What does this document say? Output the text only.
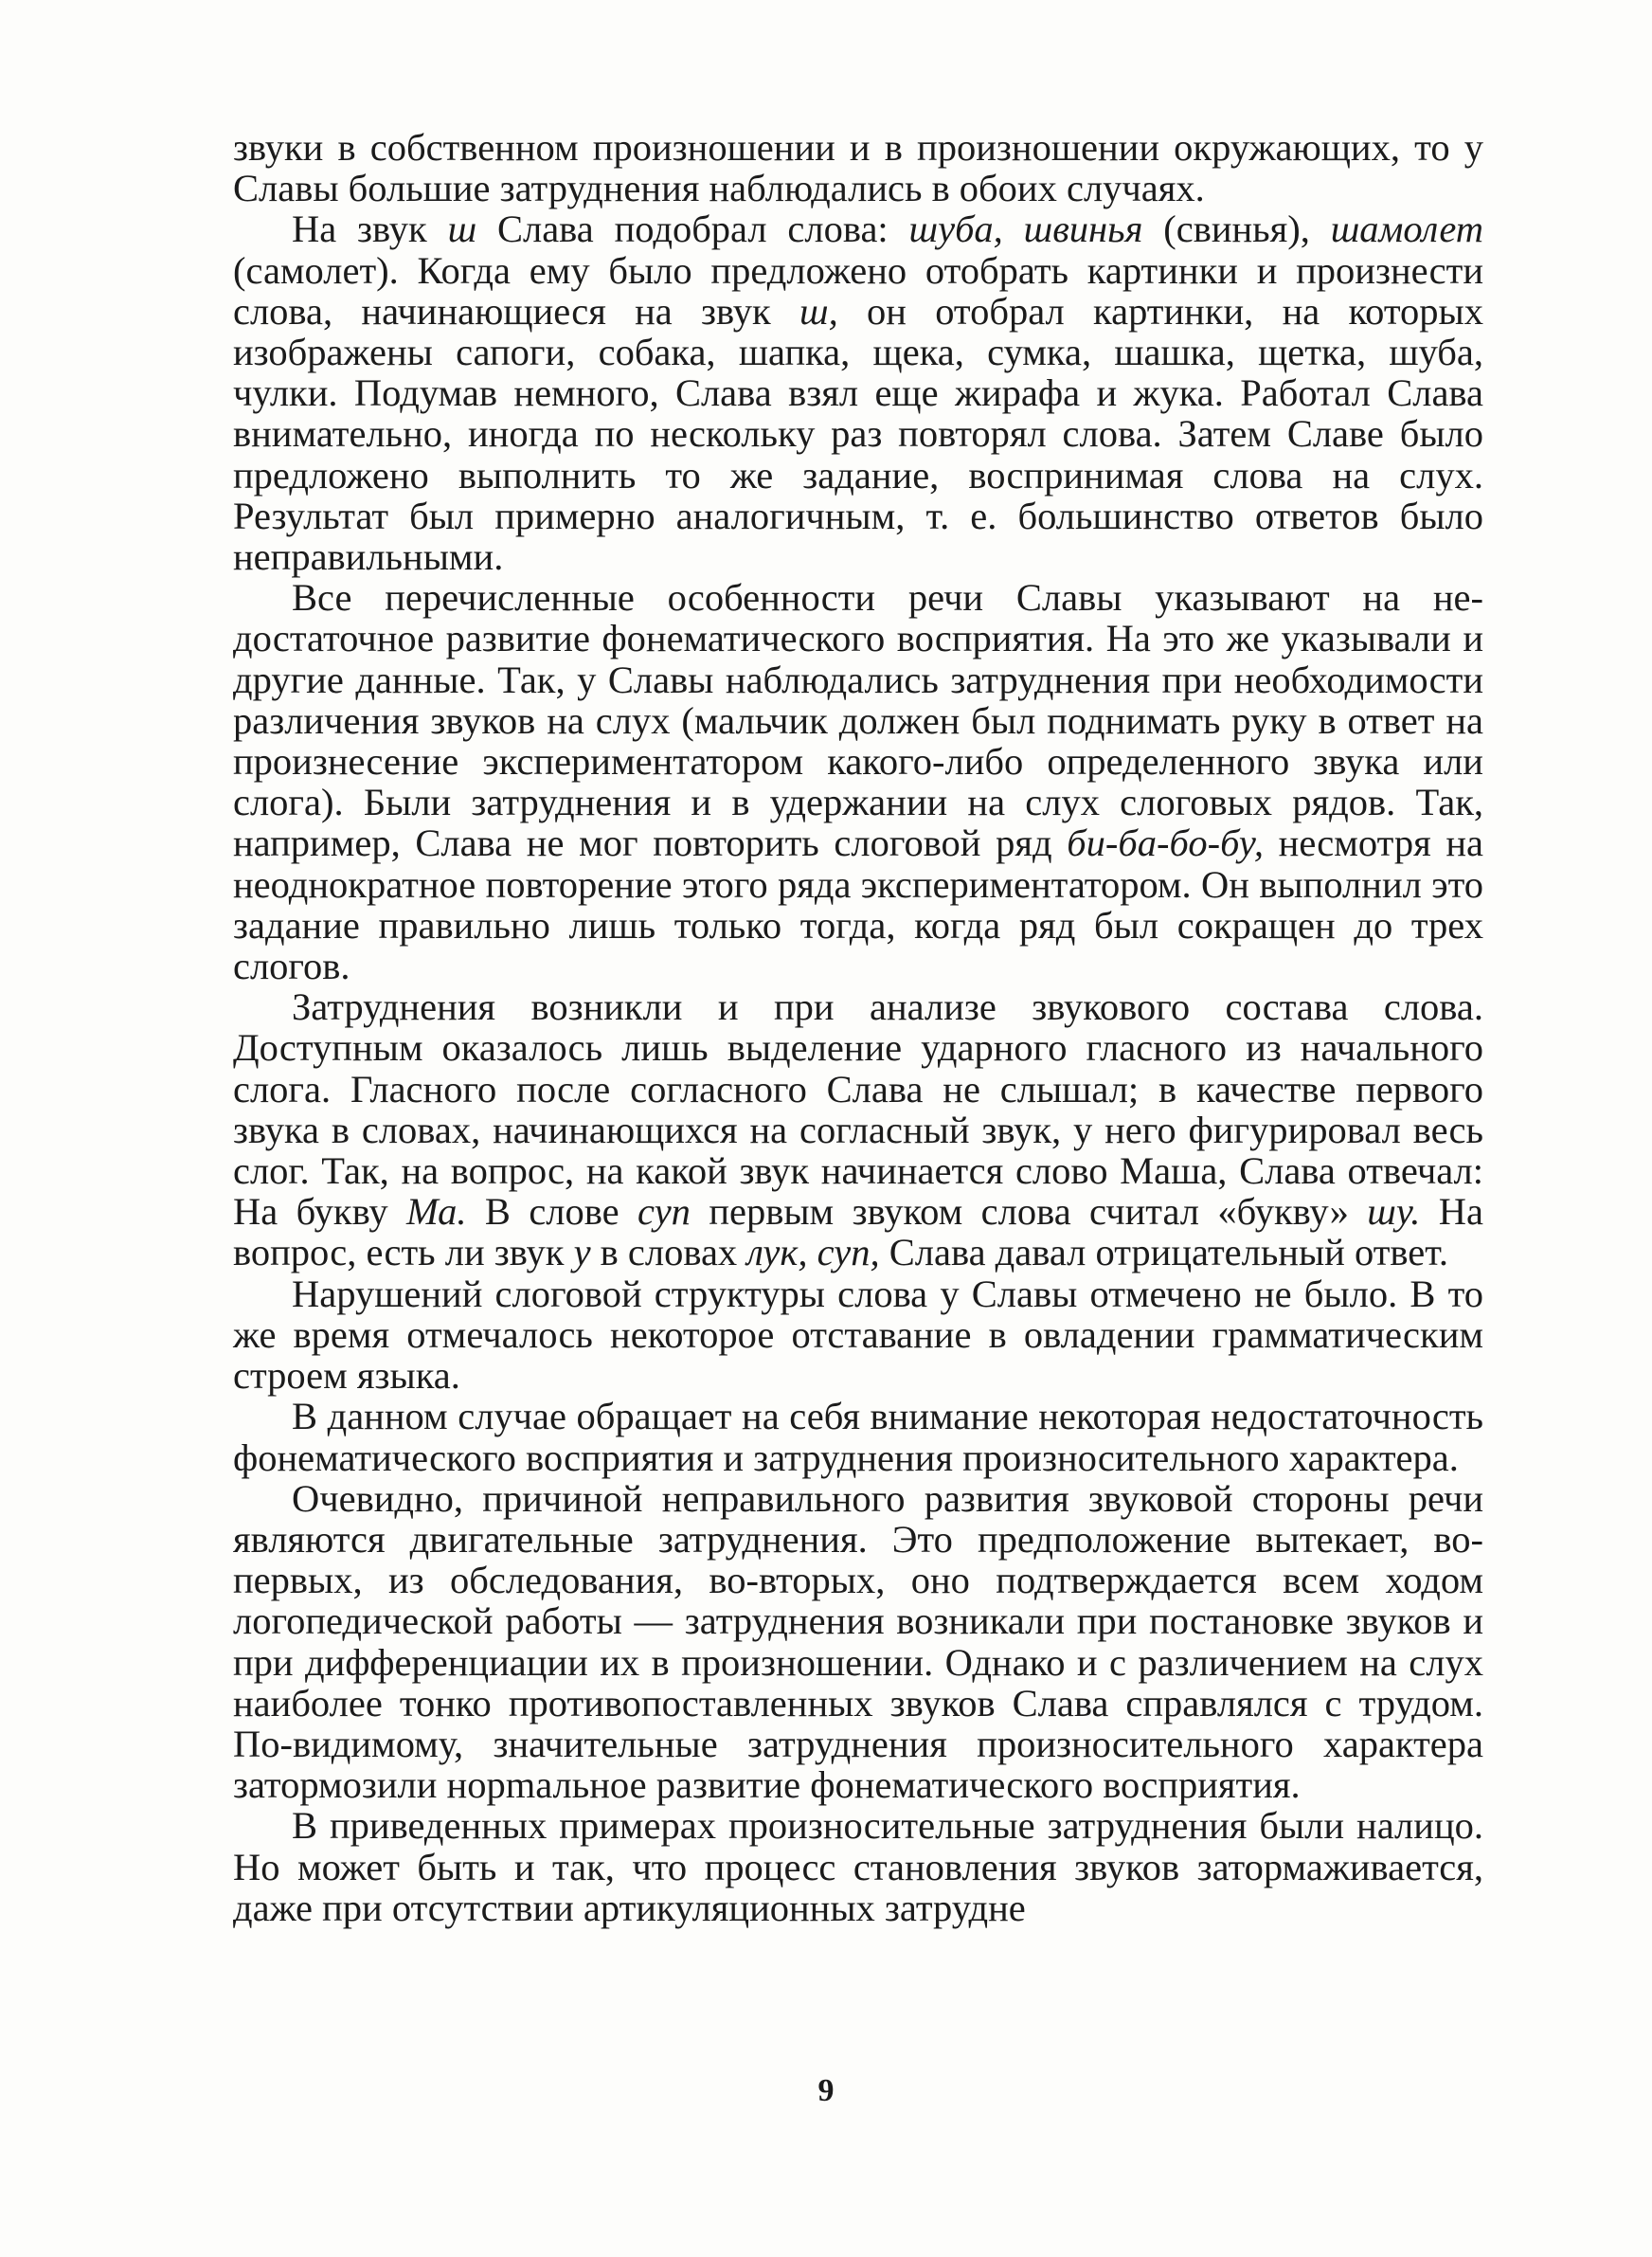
звуки в собственном произношении и в произношении окружающих, то у Славы большие затруднения наблюдались в обоих случаях.

На звук ш Слава подобрал слова: шуба, швинья (свинья), шамолет (самолет). Когда ему было предложено отобрать картинки и произнести слова, начинающиеся на звук ш, он отобрал картинки, на которых изображены сапоги, собака, шапка, щека, сумка, шашка, щетка, шуба, чулки. Подумав немного, Слава взял еще жирафа и жука. Работал Слава внимательно, иногда по нескольку раз повторял слова. Затем Славе было предложено выполнить то же задание, воспринимая слова на слух. Результат был примерно аналогичным, т. е. большинство ответов было неправильными.

Все перечисленные особенности речи Славы указывают на недостаточное развитие фонематического восприятия. На это же указывали и другие данные. Так, у Славы наблюдались затруднения при необходимости различения звуков на слух (мальчик должен был поднимать руку в ответ на произнесение экспериментатором какого-либо определенного звука или слога). Были затруднения и в удержании на слух слоговых рядов. Так, например, Слава не мог повторить слоговой ряд би-ба-бо-бу, несмотря на неоднократное повторение этого ряда экспериментатором. Он выполнил это задание правильно лишь только тогда, когда ряд был сокращен до трех слогов.

Затруднения возникли и при анализе звукового состава слова. Доступным оказалось лишь выделение ударного гласного из начального слога. Гласного после согласного Слава не слышал; в качестве первого звука в словах, начинающихся на согласный звук, у него фигурировал весь слог. Так, на вопрос, на какой звук начинается слово Маша, Слава отвечал: На букву Ма. В слове суп первым звуком слова считал «букву» шу. На вопрос, есть ли звук у в словах лук, суп, Слава давал отрицательный ответ.

Нарушений слоговой структуры слова у Славы отмечено не было. В то же время отмечалось некоторое отставание в овладении грамматическим строем языка.

В данном случае обращает на себя внимание некоторая недостаточность фонематического восприятия и затруднения произносительного характера.

Очевидно, причиной неправильного развития звуковой стороны речи являются двигательные затруднения. Это предположение вытекает, во-первых, из обследования, во-вторых, оно подтверждается всем ходом логопедической работы — затруднения возникали при постановке звуков и при дифференциации их в произношении. Однако и с различением на слух наиболее тонко противопоставленных звуков Слава справлялся с трудом. По-видимому, значительные затруднения произносительного характера затормозили норmальное развитие фонематического восприятия.

В приведенных примерах произносительные затруднения были налицо. Но может быть и так, что процесс становления звуков затормаживается, даже при отсутствии артикуляционных затрудне

9
